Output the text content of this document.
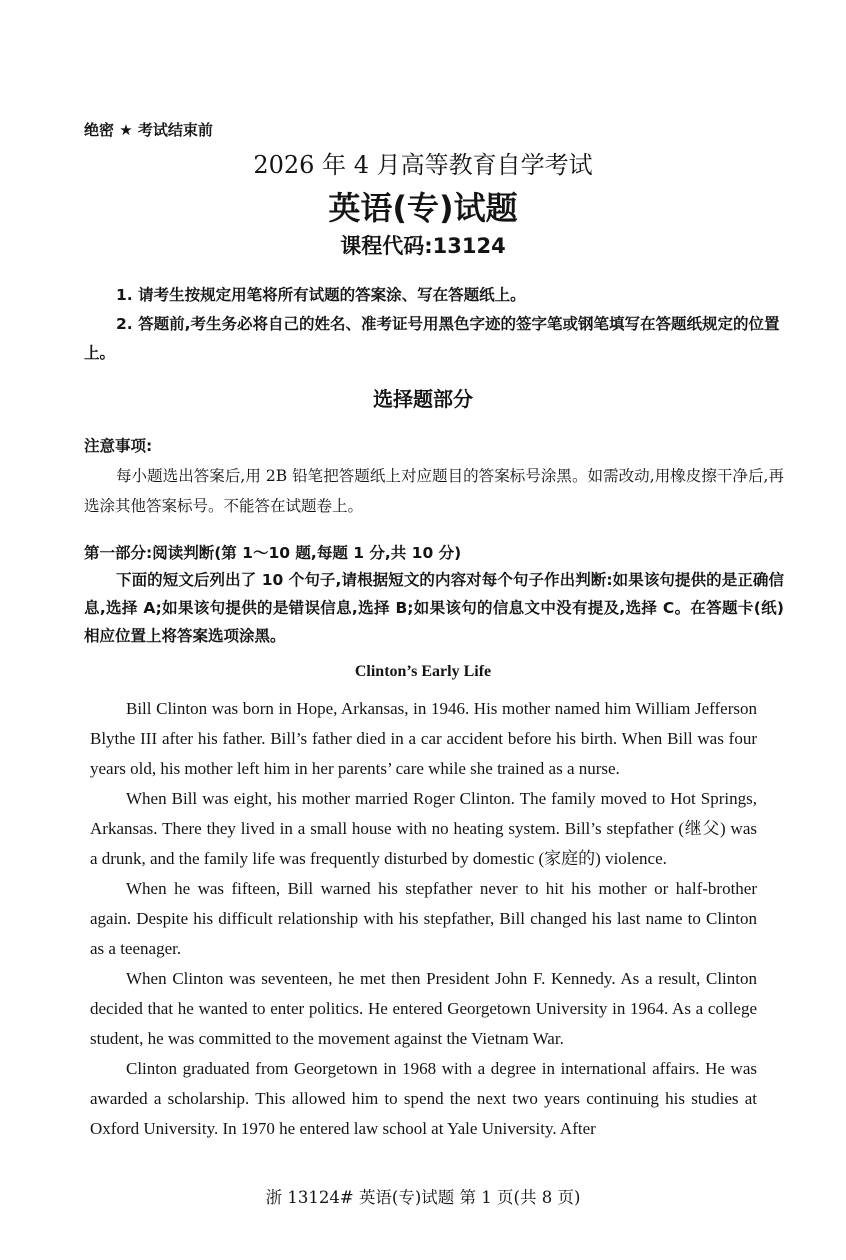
绝密 ★ 考试结束前
2026 年 4 月高等教育自学考试
英语(专)试题
课程代码:13124
1. 请考生按规定用笔将所有试题的答案涂、写在答题纸上。
2. 答题前,考生务必将自己的姓名、准考证号用黑色字迹的签字笔或钢笔填写在答题纸规定的位置上。
选择题部分
注意事项:
每小题选出答案后,用 2B 铅笔把答题纸上对应题目的答案标号涂黑。如需改动,用橡皮擦干净后,再选涂其他答案标号。不能答在试题卷上。
第一部分:阅读判断(第 1～10 题,每题 1 分,共 10 分)
下面的短文后列出了 10 个句子,请根据短文的内容对每个句子作出判断:如果该句提供的是正确信息,选择 A;如果该句提供的是错误信息,选择 B;如果该句的信息文中没有提及,选择 C。在答题卡(纸)相应位置上将答案选项涂黑。
Clinton’s Early Life

Bill Clinton was born in Hope, Arkansas, in 1946. His mother named him William Jefferson Blythe III after his father. Bill’s father died in a car accident before his birth. When Bill was four years old, his mother left him in her parents’ care while she trained as a nurse.

When Bill was eight, his mother married Roger Clinton. The family moved to Hot Springs, Arkansas. There they lived in a small house with no heating system. Bill’s stepfather (继父) was a drunk, and the family life was frequently disturbed by domestic (家庭的) violence.

When he was fifteen, Bill warned his stepfather never to hit his mother or half-brother again. Despite his difficult relationship with his stepfather, Bill changed his last name to Clinton as a teenager.

When Clinton was seventeen, he met then President John F. Kennedy. As a result, Clinton decided that he wanted to enter politics. He entered Georgetown University in 1964. As a college student, he was committed to the movement against the Vietnam War.

Clinton graduated from Georgetown in 1968 with a degree in international affairs. He was awarded a scholarship. This allowed him to spend the next two years continuing his studies at Oxford University. In 1970 he entered law school at Yale University. After

浙 13124# 英语(专)试题 第 1 页(共 8 页)
